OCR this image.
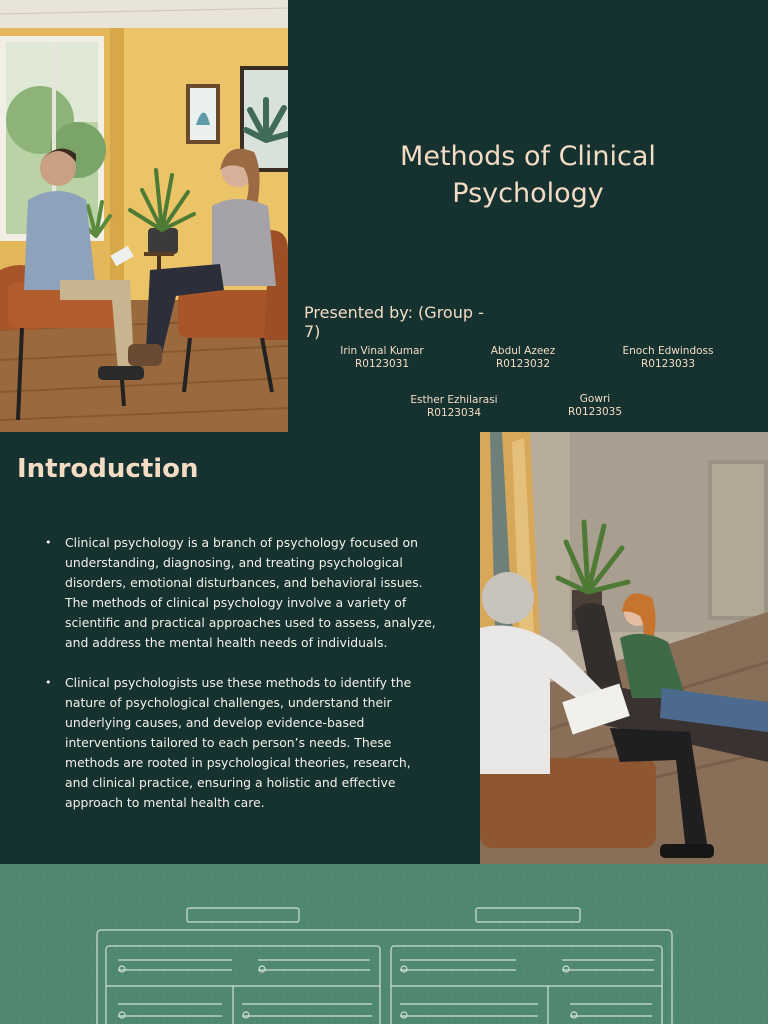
Methods of Clinical Psychology
Presented by: (Group - 7)
Irin Vinal Kumar
R0123031
Abdul Azeez
R0123032
Enoch Edwindoss
R0123033
Esther Ezhilarasi
R0123034
Gowri
R0123035
Introduction
• Clinical psychology is a branch of psychology focused on understanding, diagnosing, and treating psychological disorders, emotional disturbances, and behavioral issues. The methods of clinical psychology involve a variety of scientific and practical approaches used to assess, analyze, and address the mental health needs of individuals.
• Clinical psychologists use these methods to identify the nature of psychological challenges, understand their underlying causes, and develop evidence-based interventions tailored to each person’s needs. These methods are rooted in psychological theories, research, and clinical practice, ensuring a holistic and effective approach to mental health care.
